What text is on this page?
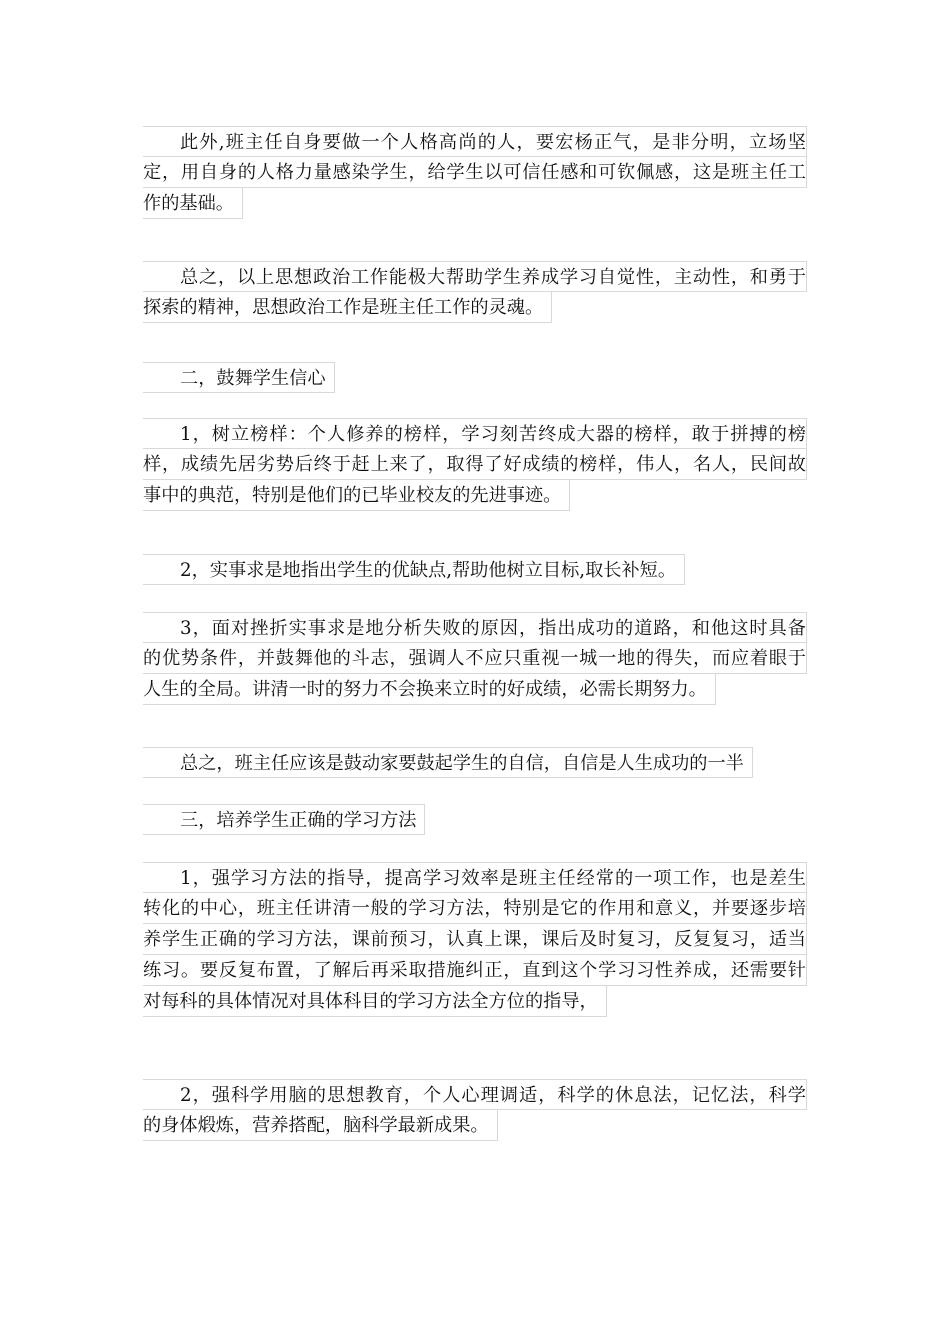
此外,班主任自身要做一个人格高尚的人，要宏杨正气，是非分明，立场坚
定，用自身的人格力量感染学生，给学生以可信任感和可钦佩感，这是班主任工
作的基础。
总之，以上思想政治工作能极大帮助学生养成学习自觉性，主动性，和勇于
探索的精神，思想政治工作是班主任工作的灵魂。
二，鼓舞学生信心
1，树立榜样：个人修养的榜样，学习刻苦终成大器的榜样，敢于拼搏的榜
样，成绩先居劣势后终于赶上来了，取得了好成绩的榜样，伟人，名人，民间故
事中的典范，特别是他们的已毕业校友的先进事迹。
2，实事求是地指出学生的优缺点,帮助他树立目标,取长补短。
3，面对挫折实事求是地分析失败的原因，指出成功的道路，和他这时具备
的优势条件，并鼓舞他的斗志，强调人不应只重视一城一地的得失，而应着眼于
人生的全局。讲清一时的努力不会换来立时的好成绩，必需长期努力。
总之，班主任应该是鼓动家要鼓起学生的自信，自信是人生成功的一半
三，培养学生正确的学习方法
1，强学习方法的指导，提高学习效率是班主任经常的一项工作，也是差生
转化的中心，班主任讲清一般的学习方法，特别是它的作用和意义，并要逐步培
养学生正确的学习方法，课前预习，认真上课，课后及时复习，反复复习，适当
练习。要反复布置，了解后再采取措施纠正，直到这个学习习性养成，还需要针
对每科的具体情况对具体科目的学习方法全方位的指导，
2，强科学用脑的思想教育，个人心理调适，科学的休息法，记忆法，科学
的身体煅炼，营养搭配，脑科学最新成果。
